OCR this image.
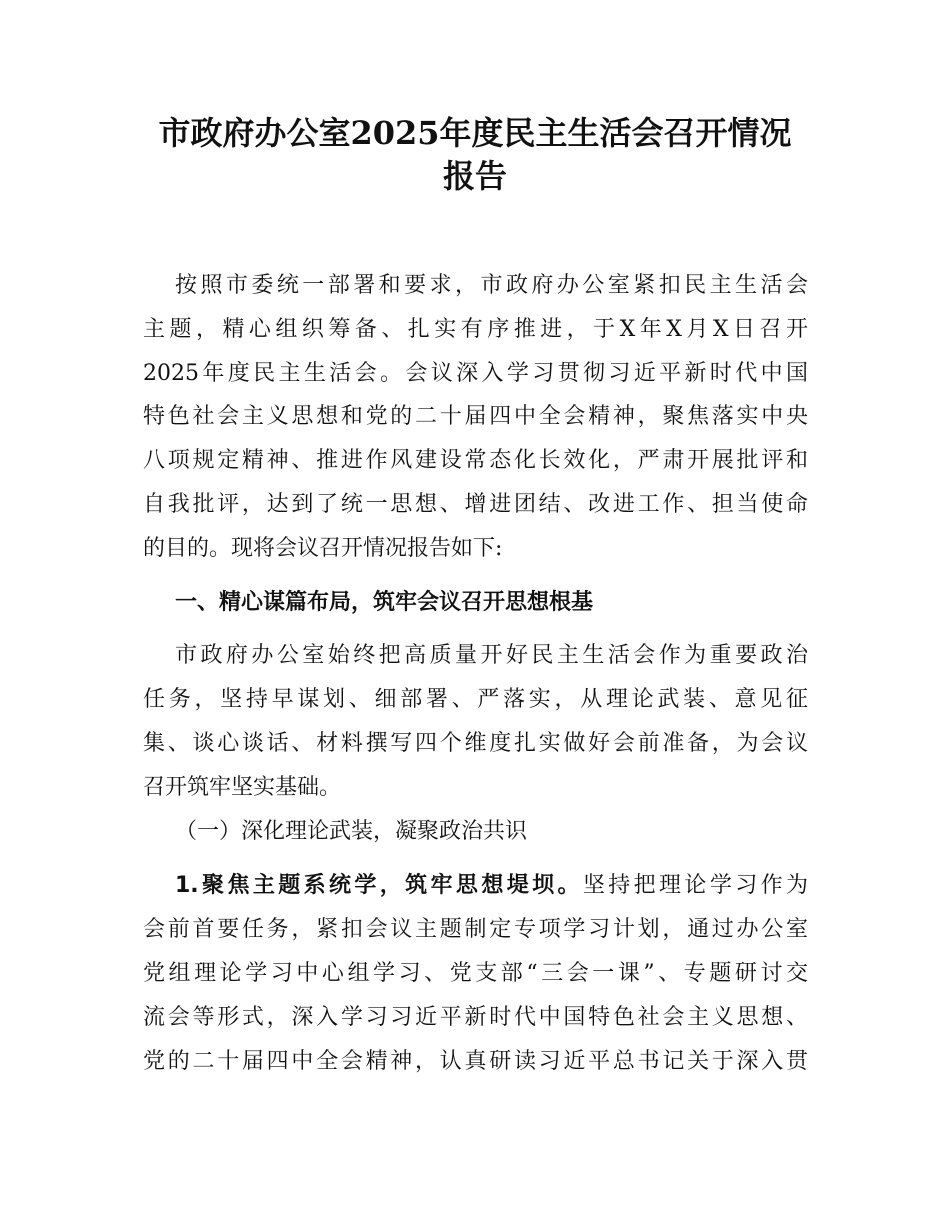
市政府办公室2025年度民主生活会召开情况
报告
按照市委统一部署和要求，市政府办公室紧扣民主生活会
主题，精心组织筹备、扎实有序推进，于X年X月X日召开
2025年度民主生活会。会议深入学习贯彻习近平新时代中国
特色社会主义思想和党的二十届四中全会精神，聚焦落实中央
八项规定精神、推进作风建设常态化长效化，严肃开展批评和
自我批评，达到了统一思想、增进团结、改进工作、担当使命
的目的。现将会议召开情况报告如下:
一、精心谋篇布局，筑牢会议召开思想根基
市政府办公室始终把高质量开好民主生活会作为重要政治
任务，坚持早谋划、细部署、严落实，从理论武装、意见征
集、谈心谈话、材料撰写四个维度扎实做好会前准备，为会议
召开筑牢坚实基础。
（一）深化理论武装，凝聚政治共识
1.聚焦主题系统学，筑牢思想堤坝。坚持把理论学习作为
会前首要任务，紧扣会议主题制定专项学习计划，通过办公室
党组理论学习中心组学习、党支部“三会一课”、专题研讨交
流会等形式，深入学习习近平新时代中国特色社会主义思想、
党的二十届四中全会精神，认真研读习近平总书记关于深入贯
